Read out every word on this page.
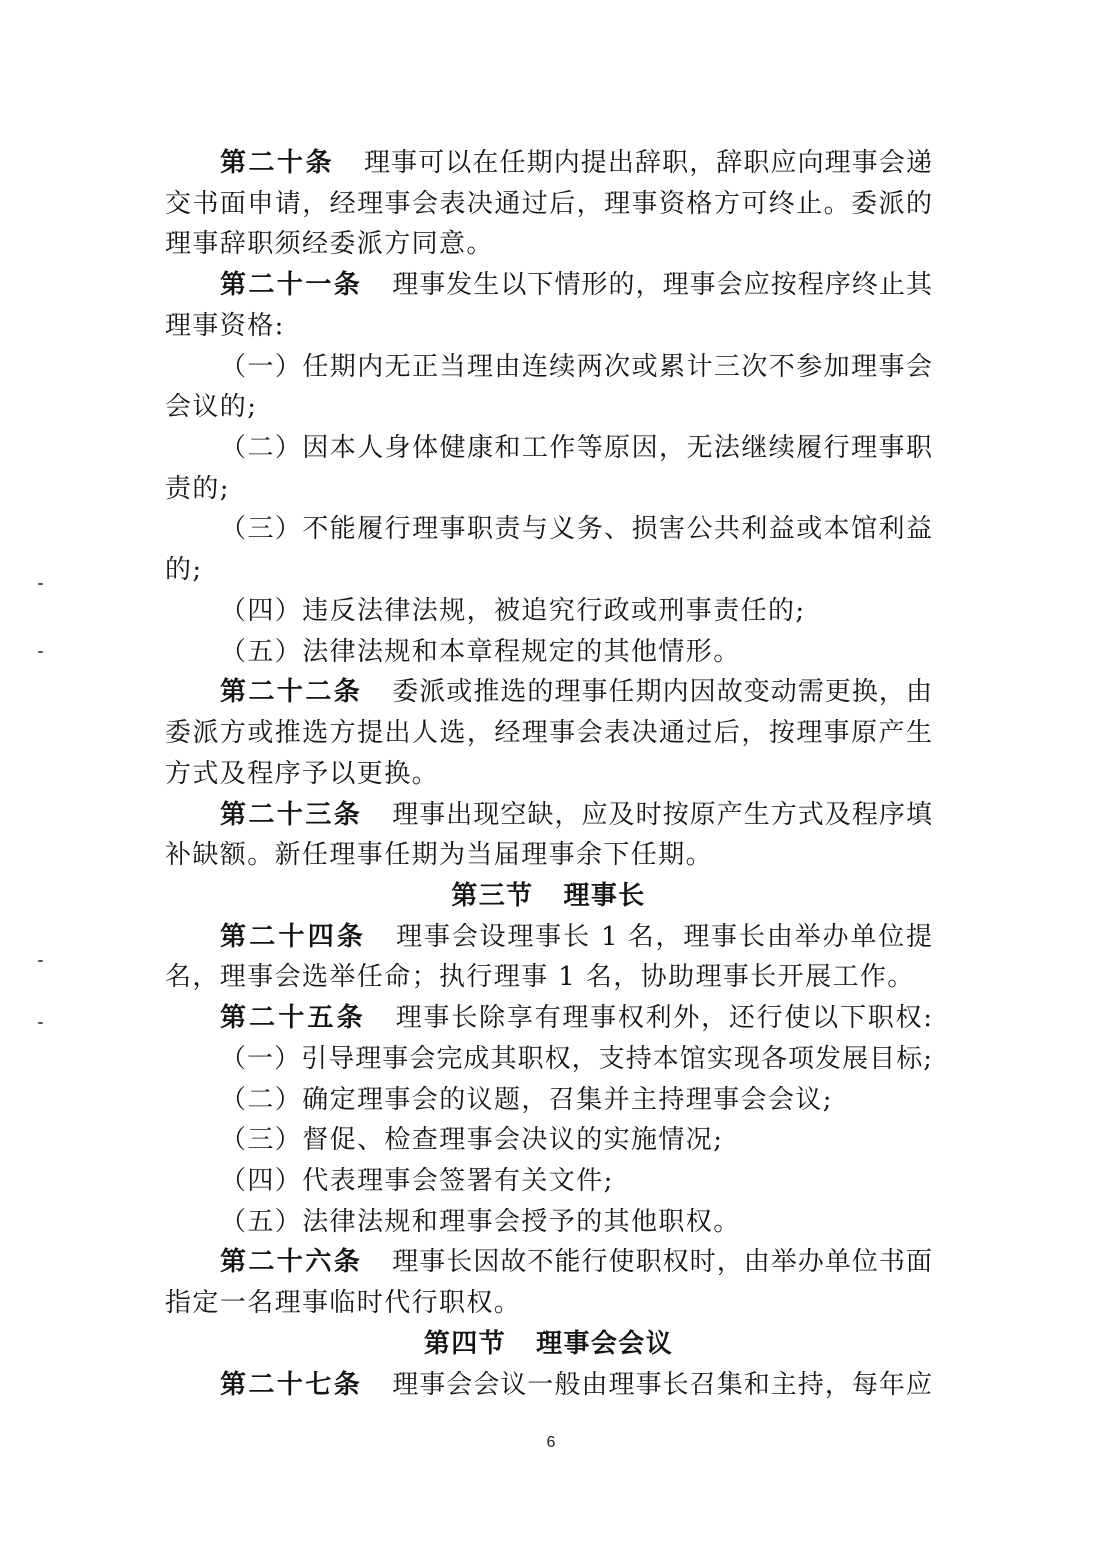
第二十条 理事可以在任期内提出辞职，辞职应向理事会递
交书面申请，经理事会表决通过后，理事资格方可终止。委派的
理事辞职须经委派方同意。
第二十一条 理事发生以下情形的，理事会应按程序终止其
理事资格:
（一）任期内无正当理由连续两次或累计三次不参加理事会
会议的;
（二）因本人身体健康和工作等原因，无法继续履行理事职
责的;
（三）不能履行理事职责与义务、损害公共利益或本馆利益
的;
（四）违反法律法规，被追究行政或刑事责任的;
（五）法律法规和本章程规定的其他情形。
第二十二条 委派或推选的理事任期内因故变动需更换，由
委派方或推选方提出人选，经理事会表决通过后，按理事原产生
方式及程序予以更换。
第二十三条 理事出现空缺，应及时按原产生方式及程序填
补缺额。新任理事任期为当届理事余下任期。
第三节 理事长
第二十四条 理事会设理事长 1 名，理事长由举办单位提
名，理事会选举任命；执行理事 1 名，协助理事长开展工作。
第二十五条 理事长除享有理事权利外，还行使以下职权:
（一）引导理事会完成其职权，支持本馆实现各项发展目标;
（二）确定理事会的议题，召集并主持理事会会议;
（三）督促、检查理事会决议的实施情况;
（四）代表理事会签署有关文件;
（五）法律法规和理事会授予的其他职权。
第二十六条 理事长因故不能行使职权时，由举办单位书面
指定一名理事临时代行职权。
第四节 理事会会议
第二十七条 理事会会议一般由理事长召集和主持，每年应
6
